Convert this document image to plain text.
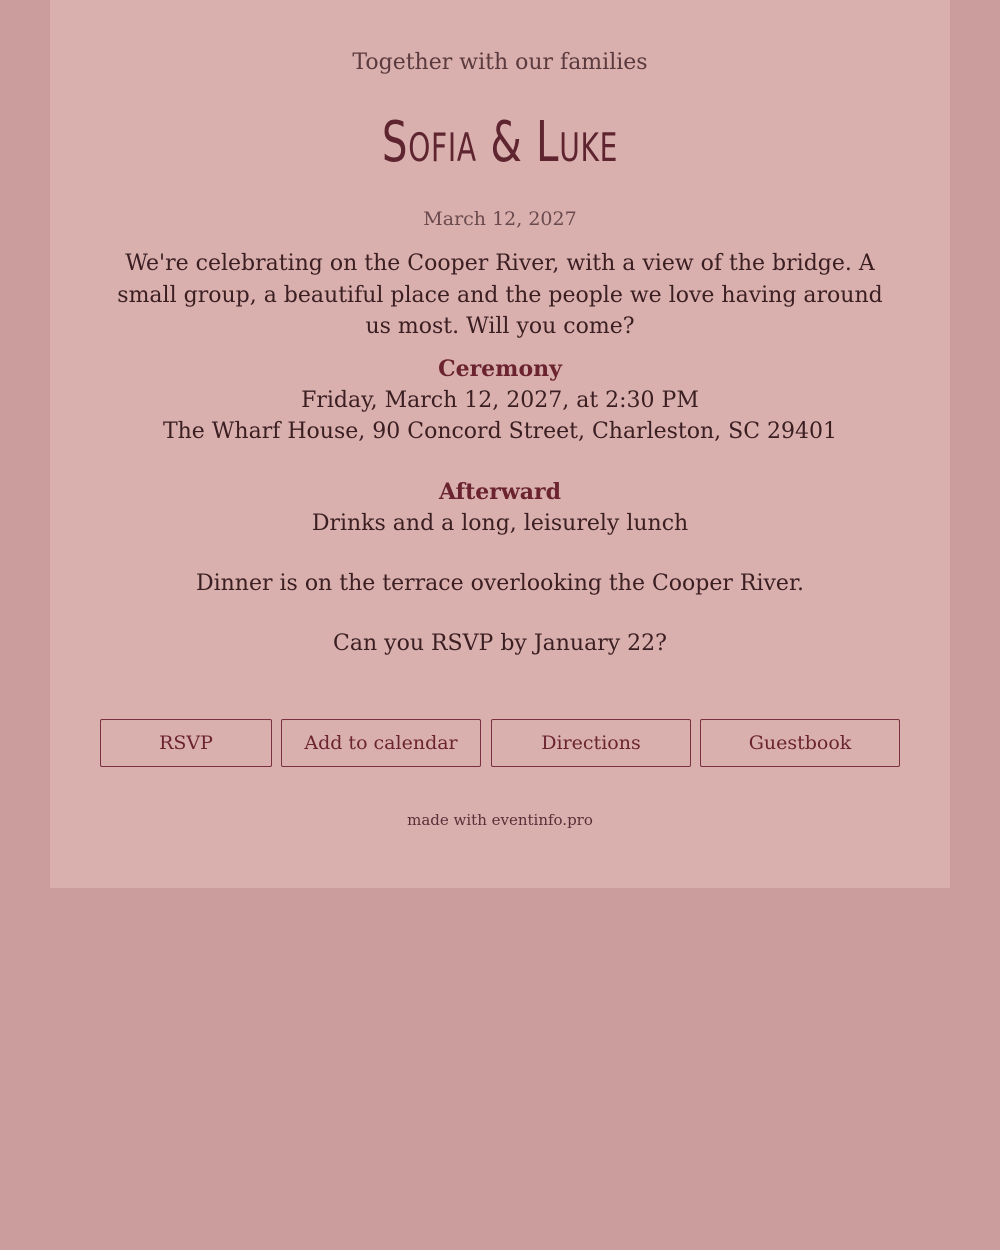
Together with our families
Sofia & Luke
March 12, 2027
We're celebrating on the Cooper River, with a view of the bridge. A small group, a beautiful place and the people we love having around us most. Will you come?
Ceremony
Friday, March 12, 2027, at 2:30 PM
The Wharf House, 90 Concord Street, Charleston, SC 29401
Afterward
Drinks and a long, leisurely lunch
Dinner is on the terrace overlooking the Cooper River.
Can you RSVP by January 22?
RSVP	Add to calendar	Directions	Guestbook
made with eventinfo.pro
